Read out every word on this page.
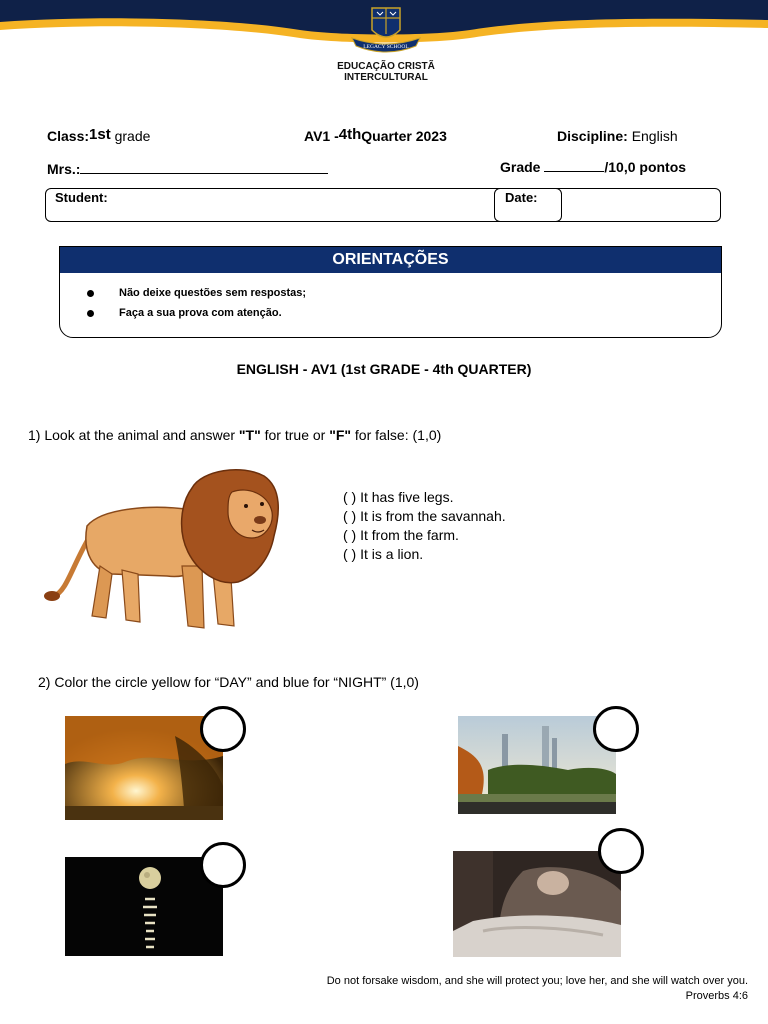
LEGACY SCHOOL
EDUCAÇÃO CRISTÃ
INTERCULTURAL
Class:1st grade	AV1 -4thQuarter 2023	Discipline: English
Mrs.:	Grade	/10,0 pontos
Student:	Date:
ORIENTAÇÕES
Não deixe questões sem respostas;
Faça a sua prova com atenção.
ENGLISH - AV1 (1st GRADE - 4th QUARTER)
1) Look at the animal and answer "T" for true or "F" for false: (1,0)
( ) It has five legs.
( ) It is from the savannah.
( ) It from the farm.
( ) It is a lion.
2) Color the circle yellow for “DAY” and blue for “NIGHT” (1,0)
Do not forsake wisdom, and she will protect you; love her, and she will watch over you.
Proverbs 4:6
